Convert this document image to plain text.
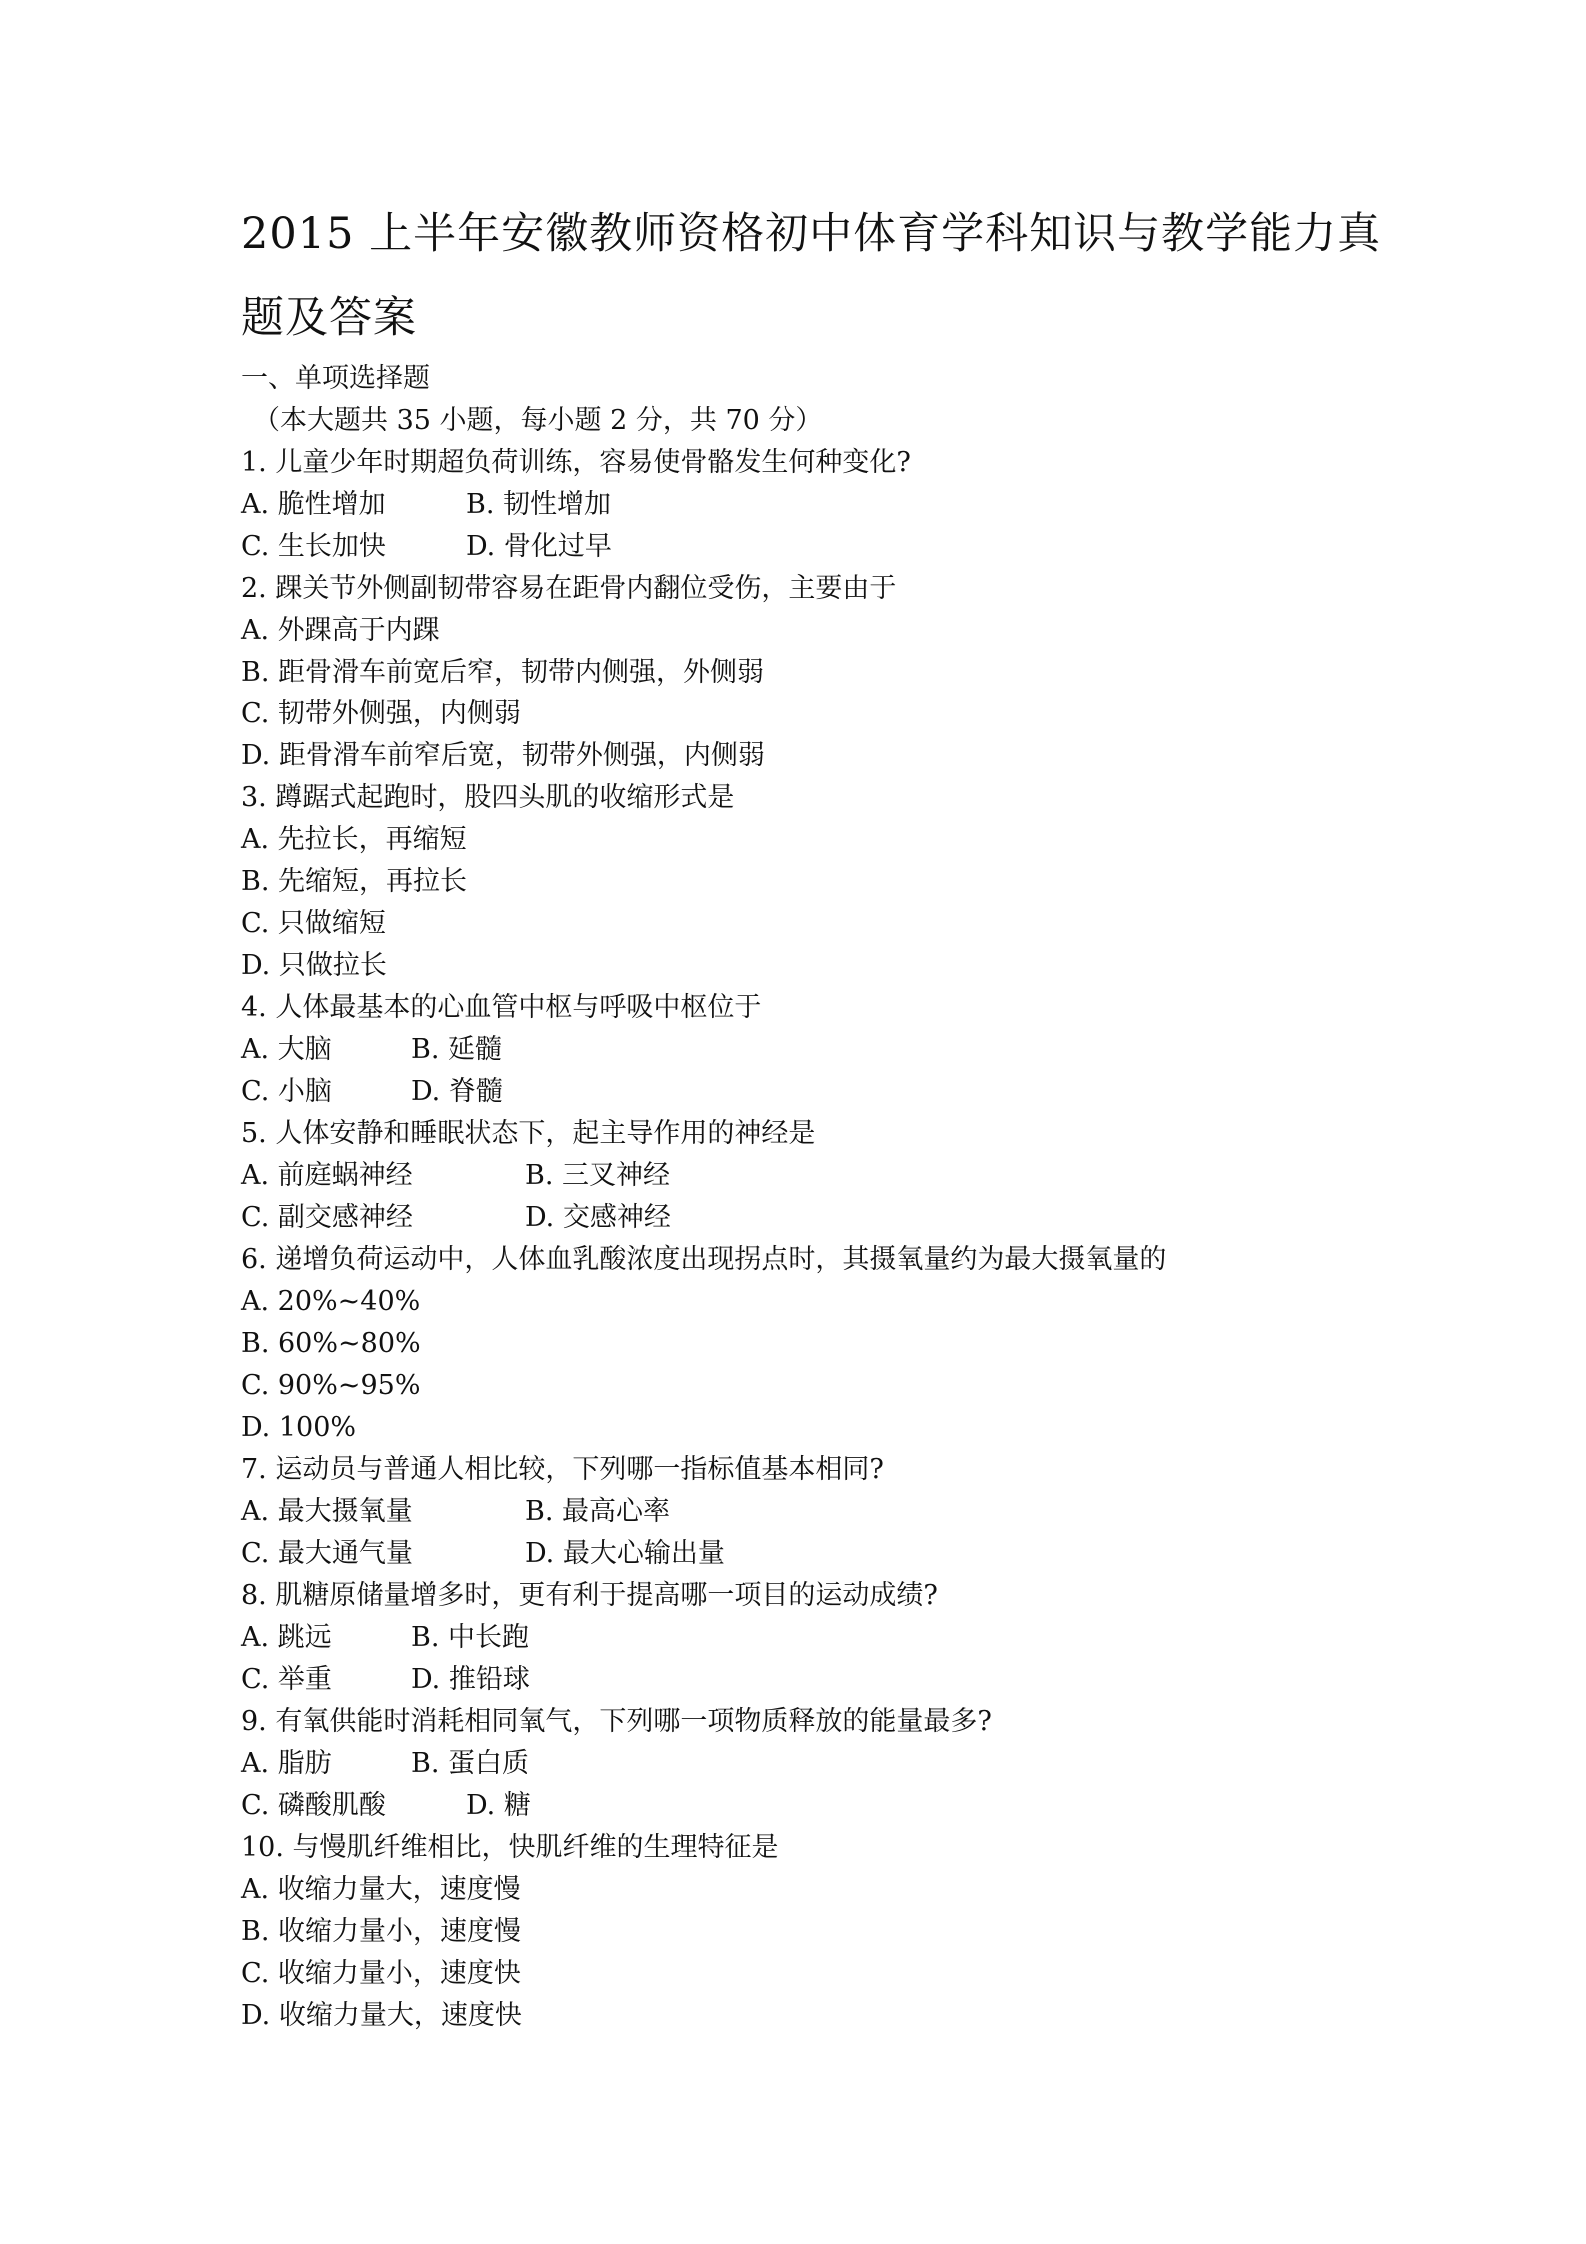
2015 上半年安徽教师资格初中体育学科知识与教学能力真
题及答案
一、单项选择题
（本大题共 35 小题，每小题 2 分，共 70 分）
1. 儿童少年时期超负荷训练，容易使骨骼发生何种变化?
A. 脆性增加	B. 韧性增加
C. 生长加快	D. 骨化过早
2. 踝关节外侧副韧带容易在距骨内翻位受伤，主要由于
A. 外踝高于内踝
B. 距骨滑车前宽后窄，韧带内侧强，外侧弱
C. 韧带外侧强，内侧弱
D. 距骨滑车前窄后宽，韧带外侧强，内侧弱
3. 蹲踞式起跑时，股四头肌的收缩形式是
A. 先拉长，再缩短
B. 先缩短，再拉长
C. 只做缩短
D. 只做拉长
4. 人体最基本的心血管中枢与呼吸中枢位于
A. 大脑	B. 延髓
C. 小脑	D. 脊髓
5. 人体安静和睡眠状态下，起主导作用的神经是
A. 前庭蜗神经	B. 三叉神经
C. 副交感神经	D. 交感神经
6. 递增负荷运动中，人体血乳酸浓度出现拐点时，其摄氧量约为最大摄氧量的
A. 20%~40%
B. 60%~80%
C. 90%~95%
D. 100%
7. 运动员与普通人相比较，下列哪一指标值基本相同?
A. 最大摄氧量	B. 最高心率
C. 最大通气量	D. 最大心输出量
8. 肌糖原储量增多时，更有利于提高哪一项目的运动成绩?
A. 跳远	B. 中长跑
C. 举重	D. 推铅球
9. 有氧供能时消耗相同氧气，下列哪一项物质释放的能量最多?
A. 脂肪	B. 蛋白质
C. 磷酸肌酸	D. 糖
10. 与慢肌纤维相比，快肌纤维的生理特征是
A. 收缩力量大，速度慢
B. 收缩力量小，速度慢
C. 收缩力量小，速度快
D. 收缩力量大，速度快
